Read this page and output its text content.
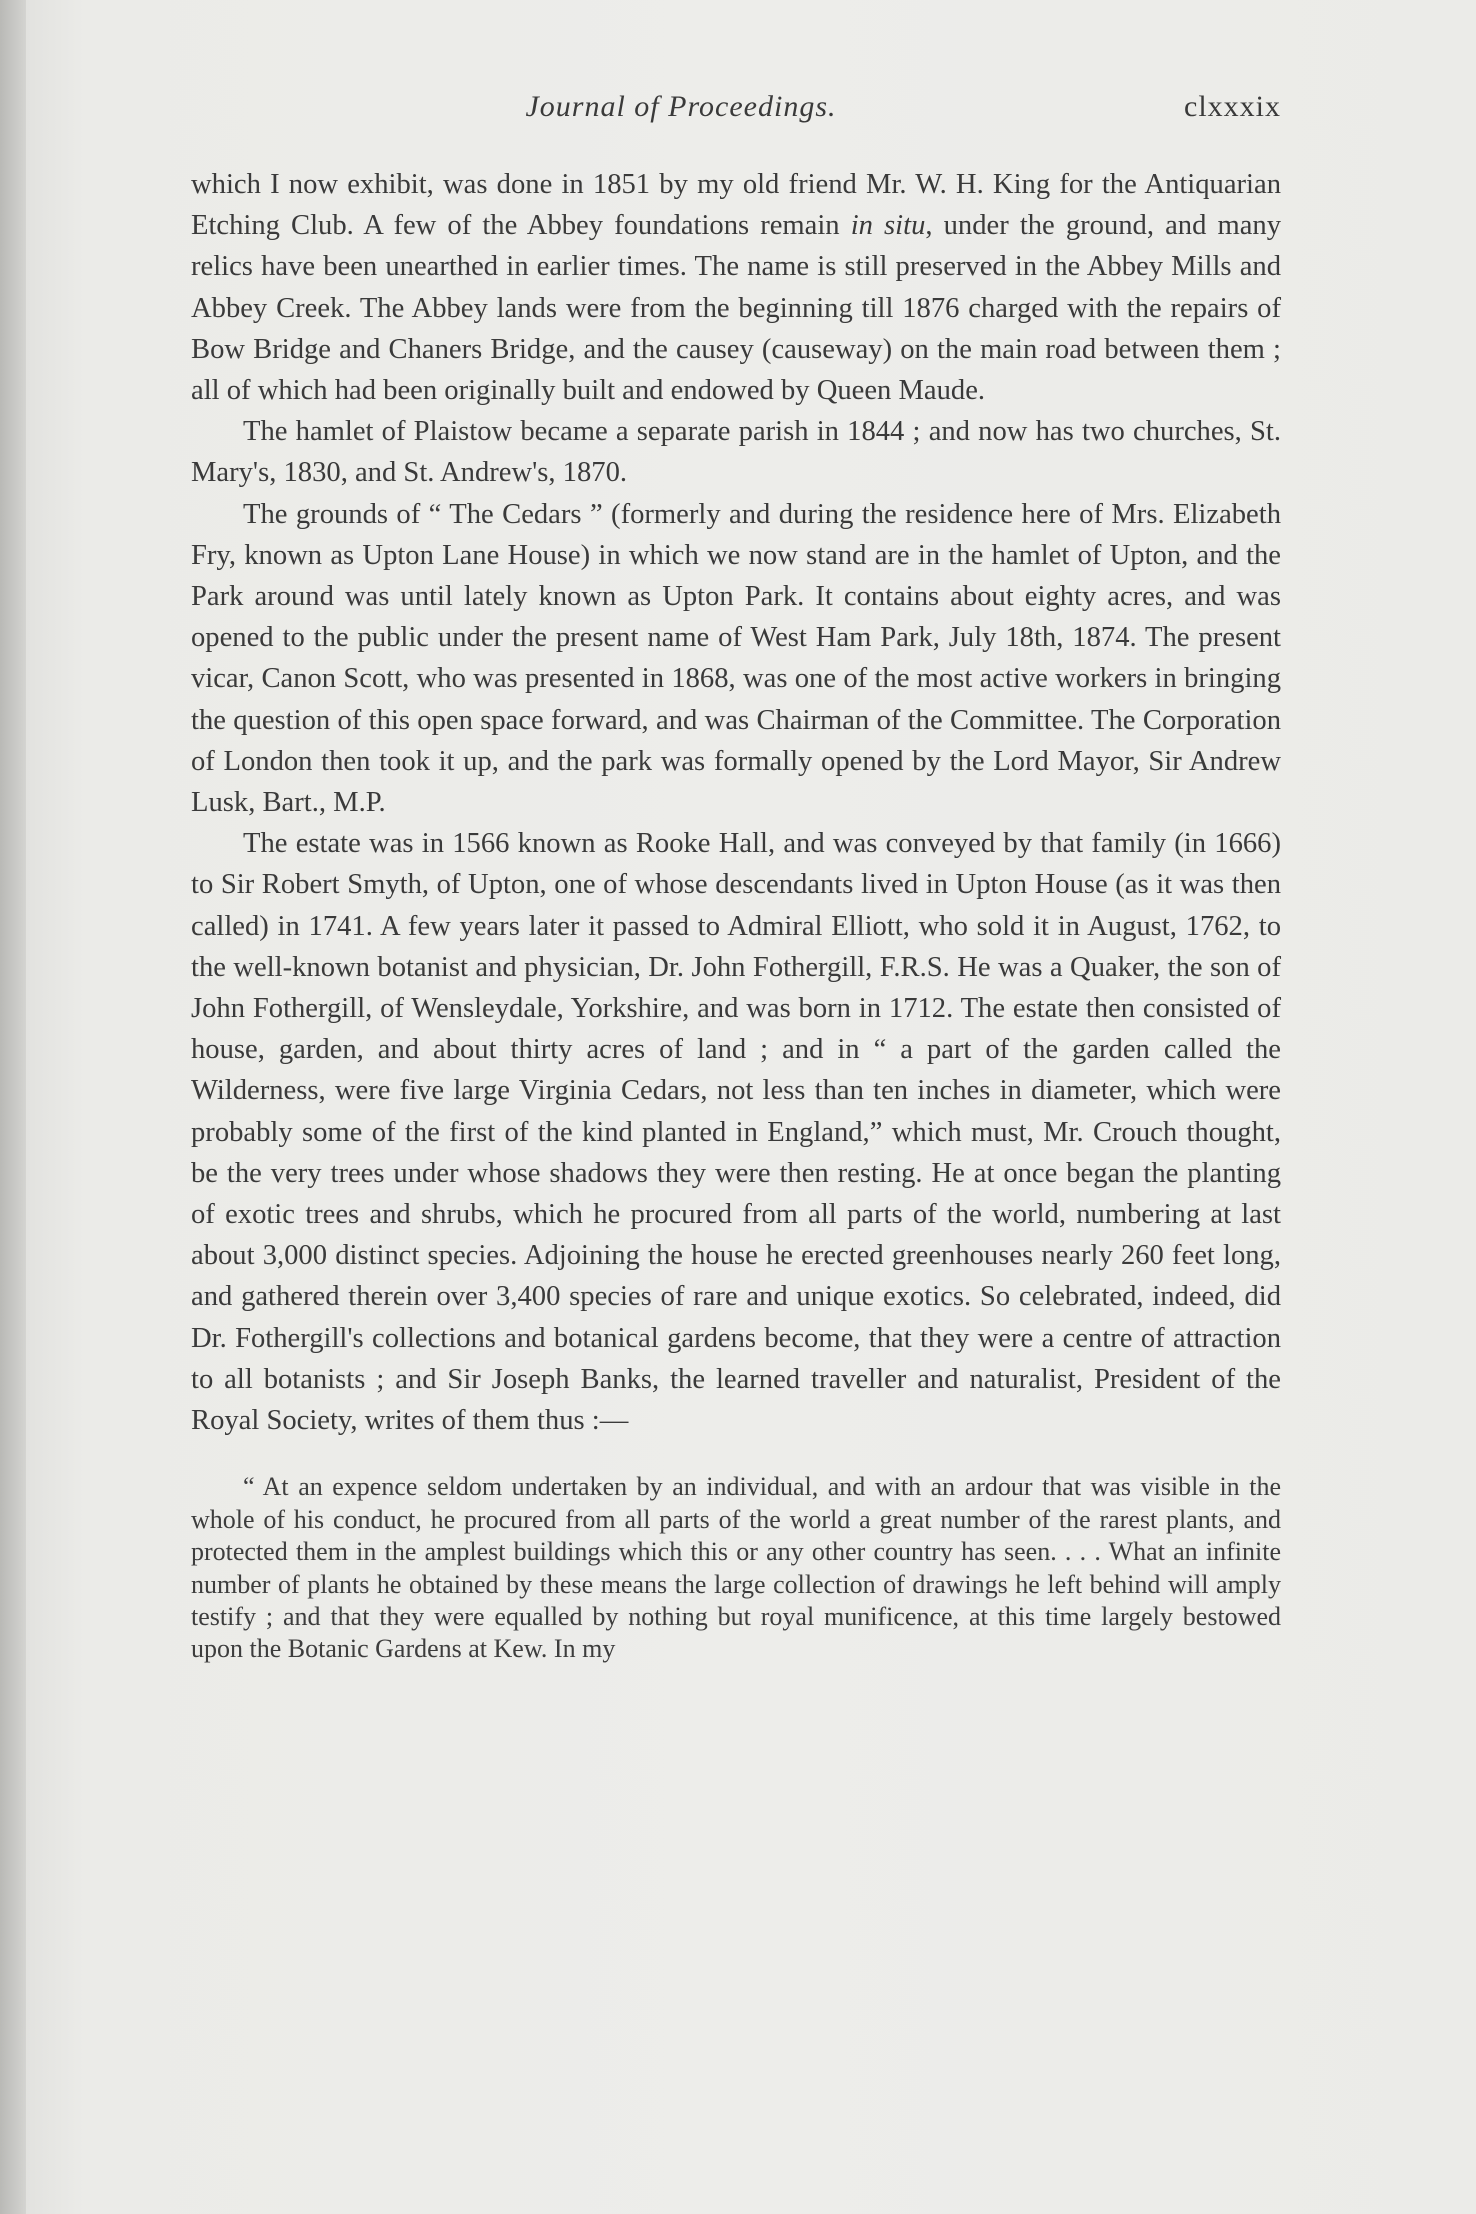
Journal of Proceedings.	clxxxix

which I now exhibit, was done in 1851 by my old friend Mr. W. H. King for the Antiquarian Etching Club. A few of the Abbey foundations remain in situ, under the ground, and many relics have been unearthed in earlier times. The name is still preserved in the Abbey Mills and Abbey Creek. The Abbey lands were from the beginning till 1876 charged with the repairs of Bow Bridge and Chaners Bridge, and the causey (causeway) on the main road between them ; all of which had been originally built and endowed by Queen Maude.

The hamlet of Plaistow became a separate parish in 1844 ; and now has two churches, St. Mary's, 1830, and St. Andrew's, 1870.

The grounds of “ The Cedars ” (formerly and during the residence here of Mrs. Elizabeth Fry, known as Upton Lane House) in which we now stand are in the hamlet of Upton, and the Park around was until lately known as Upton Park. It contains about eighty acres, and was opened to the public under the present name of West Ham Park, July 18th, 1874. The present vicar, Canon Scott, who was presented in 1868, was one of the most active workers in bringing the question of this open space forward, and was Chairman of the Committee. The Corporation of London then took it up, and the park was formally opened by the Lord Mayor, Sir Andrew Lusk, Bart., M.P.

The estate was in 1566 known as Rooke Hall, and was conveyed by that family (in 1666) to Sir Robert Smyth, of Upton, one of whose descendants lived in Upton House (as it was then called) in 1741. A few years later it passed to Admiral Elliott, who sold it in August, 1762, to the well-known botanist and physician, Dr. John Fothergill, F.R.S. He was a Quaker, the son of John Fothergill, of Wensleydale, Yorkshire, and was born in 1712. The estate then consisted of house, garden, and about thirty acres of land ; and in “ a part of the garden called the Wilderness, were five large Virginia Cedars, not less than ten inches in diameter, which were probably some of the first of the kind planted in England,” which must, Mr. Crouch thought, be the very trees under whose shadows they were then resting. He at once began the planting of exotic trees and shrubs, which he procured from all parts of the world, numbering at last about 3,000 distinct species. Adjoining the house he erected greenhouses nearly 260 feet long, and gathered therein over 3,400 species of rare and unique exotics. So celebrated, indeed, did Dr. Fothergill's collections and botanical gardens become, that they were a centre of attraction to all botanists ; and Sir Joseph Banks, the learned traveller and naturalist, President of the Royal Society, writes of them thus :—

“ At an expence seldom undertaken by an individual, and with an ardour that was visible in the whole of his conduct, he procured from all parts of the world a great number of the rarest plants, and protected them in the amplest buildings which this or any other country has seen. . . . What an infinite number of plants he obtained by these means the large collection of drawings he left behind will amply testify ; and that they were equalled by nothing but royal munificence, at this time largely bestowed upon the Botanic Gardens at Kew. In my
